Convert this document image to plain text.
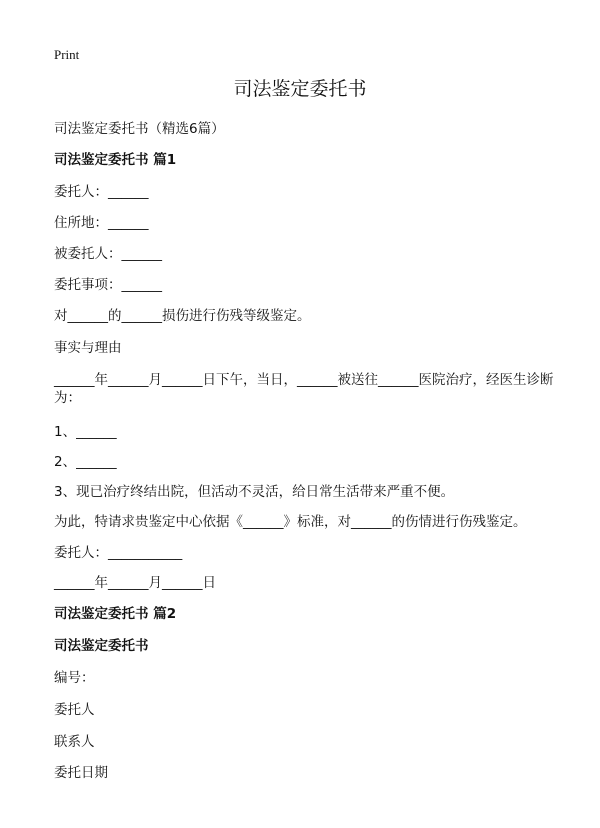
Print
司法鉴定委托书
司法鉴定委托书（精选6篇）
司法鉴定委托书 篇1
委托人：______
住所地：______
被委托人：______
委托事项：______
对______的______损伤进行伤残等级鉴定。
事实与理由
______年______月______日下午，当日，______被送往______医院治疗，经医生诊断为：
1、______
2、______
3、现已治疗终结出院，但活动不灵活，给日常生活带来严重不便。
为此，特请求贵鉴定中心依据《______》标准，对______的伤情进行伤残鉴定。
委托人：___________
______年______月______日
司法鉴定委托书 篇2
司法鉴定委托书
编号：
委托人
联系人
委托日期
